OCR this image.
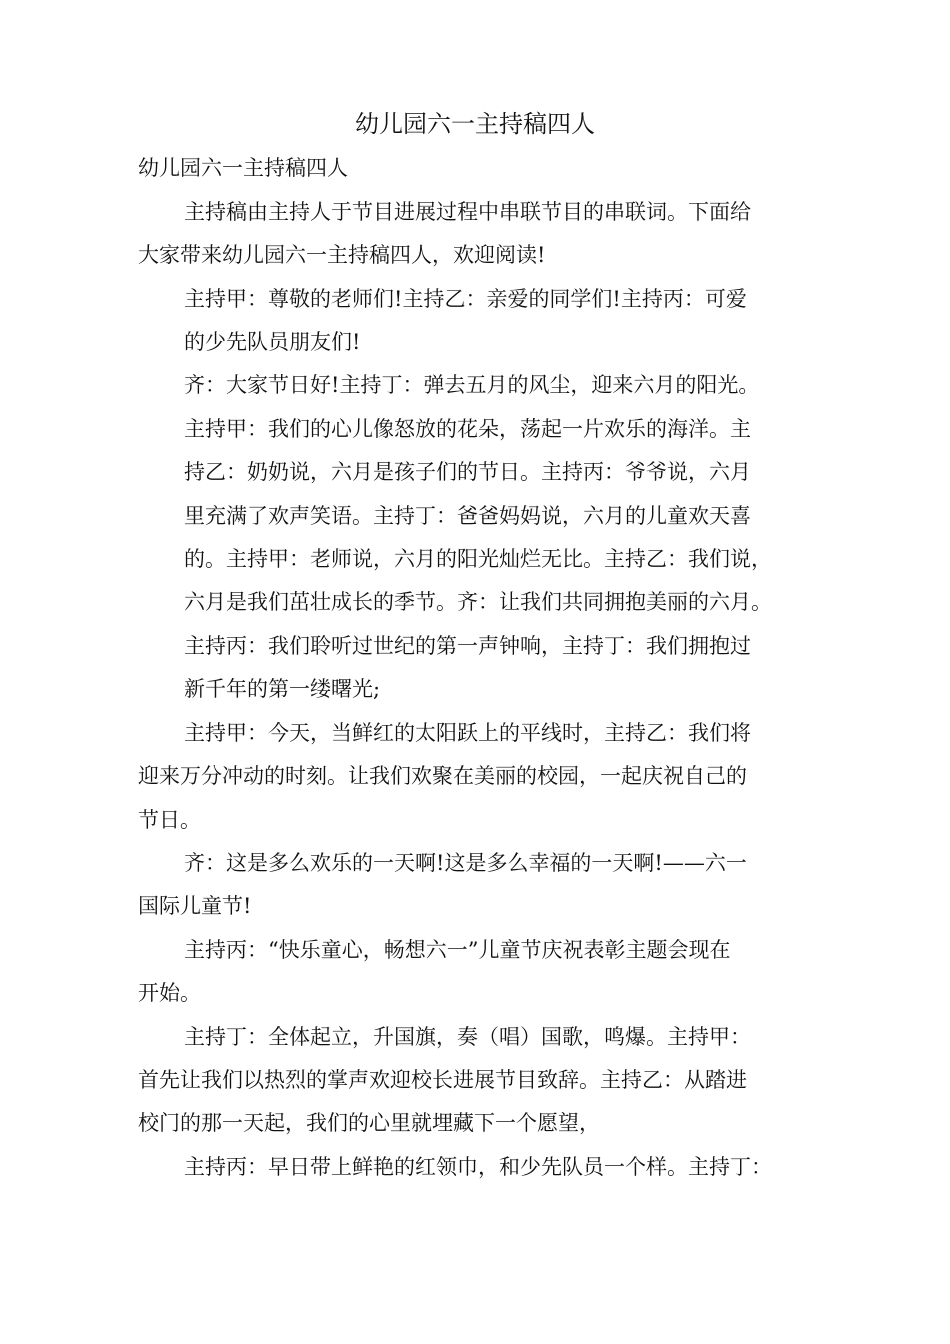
幼儿园六一主持稿四人
幼儿园六一主持稿四人
主持稿由主持人于节目进展过程中串联节目的串联词。下面给
大家带来幼儿园六一主持稿四人，欢迎阅读!
主持甲：尊敬的老师们!主持乙：亲爱的同学们!主持丙：可爱
的少先队员朋友们!
齐：大家节日好!主持丁：弹去五月的风尘，迎来六月的阳光。
主持甲：我们的心儿像怒放的花朵，荡起一片欢乐的海洋。主
持乙：奶奶说，六月是孩子们的节日。主持丙：爷爷说，六月
里充满了欢声笑语。主持丁：爸爸妈妈说，六月的儿童欢天喜
的。主持甲：老师说，六月的阳光灿烂无比。主持乙：我们说，
六月是我们茁壮成长的季节。齐：让我们共同拥抱美丽的六月。
主持丙：我们聆听过世纪的第一声钟响，主持丁：我们拥抱过
新千年的第一缕曙光;
主持甲：今天，当鲜红的太阳跃上的平线时，主持乙：我们将
迎来万分冲动的时刻。让我们欢聚在美丽的校园，一起庆祝自己的
节日。
齐：这是多么欢乐的一天啊!这是多么幸福的一天啊!——六一
国际儿童节!
主持丙：“快乐童心，畅想六一”儿童节庆祝表彰主题会现在
开始。
主持丁：全体起立，升国旗，奏（唱）国歌，鸣爆。主持甲：
首先让我们以热烈的掌声欢迎校长进展节目致辞。主持乙：从踏进
校门的那一天起，我们的心里就埋藏下一个愿望，
主持丙：早日带上鲜艳的红领巾，和少先队员一个样。主持丁：
